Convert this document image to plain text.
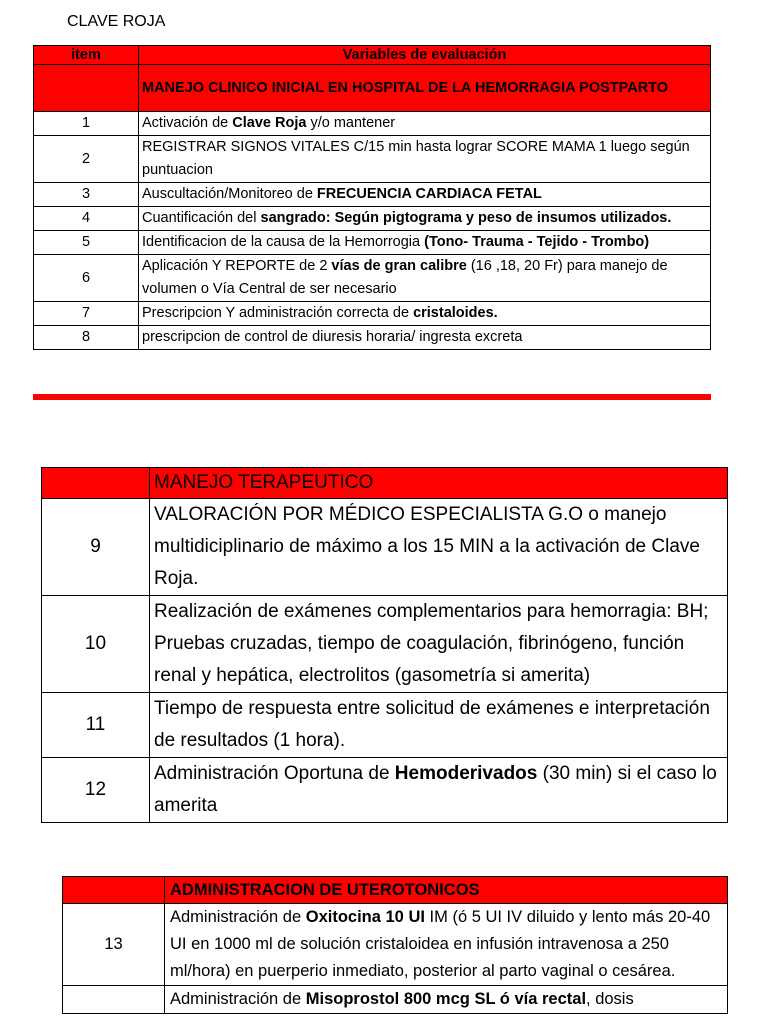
CLAVE ROJA
item	Variables de evaluación
	MANEJO CLINICO INICIAL EN HOSPITAL DE LA HEMORRAGIA POSTPARTO
1	Activación de Clave Roja y/o mantener
2	REGISTRAR SIGNOS VITALES C/15 min hasta lograr SCORE MAMA 1 luego según puntuacion
3	Auscultación/Monitoreo de FRECUENCIA CARDIACA FETAL
4	Cuantificación del sangrado: Según pigtograma y peso de insumos utilizados.
5	Identificacion de la causa de la Hemorrogia (Tono- Trauma - Tejido - Trombo)
6	Aplicación Y REPORTE de 2 vías de gran calibre (16 ,18, 20 Fr) para manejo de volumen o Vía Central de ser necesario
7	Prescripcion Y administración correcta de cristaloides.
8	prescripcion de control de diuresis horaria/ ingresta excreta
	MANEJO TERAPEUTICO
9	VALORACIÓN POR MÉDICO ESPECIALISTA G.O o manejo multidiciplinario de máximo a los 15 MIN a la activación de Clave Roja.
10	Realización de exámenes complementarios para hemorragia: BH; Pruebas cruzadas, tiempo de coagulación, fibrinógeno, función renal y hepática, electrolitos (gasometría si amerita)
11	Tiempo de respuesta entre solicitud de exámenes e interpretación de resultados (1 hora).
12	Administración Oportuna de Hemoderivados (30 min) si el caso lo amerita
	ADMINISTRACION DE UTEROTONICOS
13	Administración de Oxitocina 10 UI IM (ó 5 UI IV diluido y lento más 20-40 UI en 1000 ml de solución cristaloidea en infusión intravenosa a 250 ml/hora) en puerperio inmediato, posterior al parto vaginal o cesárea.
	Administración de Misoprostol 800 mcg SL ó vía rectal, dosis
